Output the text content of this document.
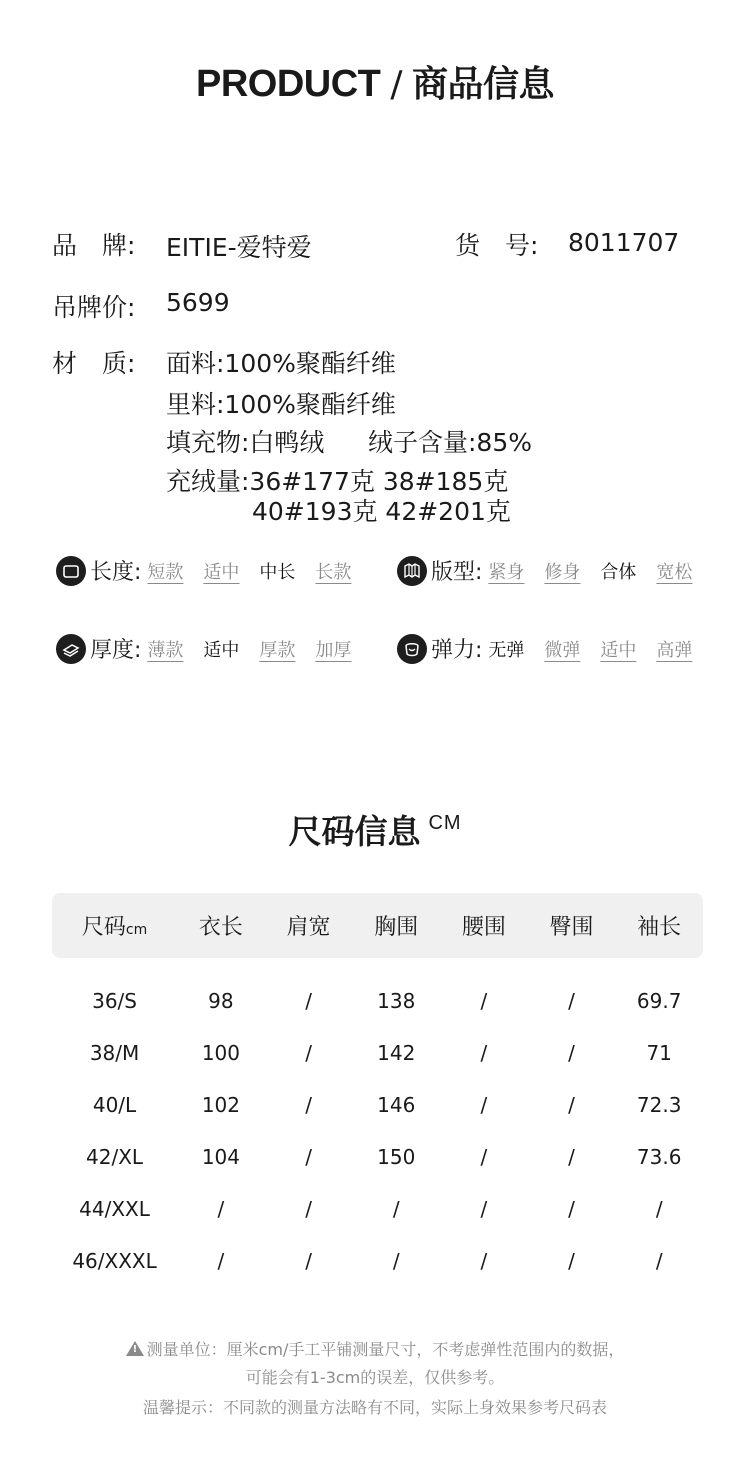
PRODUCT / 商品信息
品　牌: EITIE-爱特爱	货　号: 8011707
吊牌价: 5699
材　质: 面料:100%聚酯纤维
里料:100%聚酯纤维
填充物:白鸭绒 绒子含量:85%
充绒量:36#177克 38#185克
40#193克 42#201克
长度: 短款 适中 中长 长款	版型: 紧身 修身 合体 宽松
厚度: 薄款 适中 厚款 加厚	弹力: 无弹 微弹 适中 高弹
尺码信息 CM
尺码cm	衣长	肩宽	胸围	腰围	臀围	袖长
36/S	98	/	138	/	/	69.7
38/M	100	/	142	/	/	71
40/L	102	/	146	/	/	72.3
42/XL	104	/	150	/	/	73.6
44/XXL	/	/	/	/	/	/
46/XXXL	/	/	/	/	/	/
! 测量单位：厘米cm/手工平铺测量尺寸，不考虑弹性范围内的数据，
可能会有1-3cm的误差，仅供参考。
温馨提示：不同款的测量方法略有不同，实际上身效果参考尺码表
